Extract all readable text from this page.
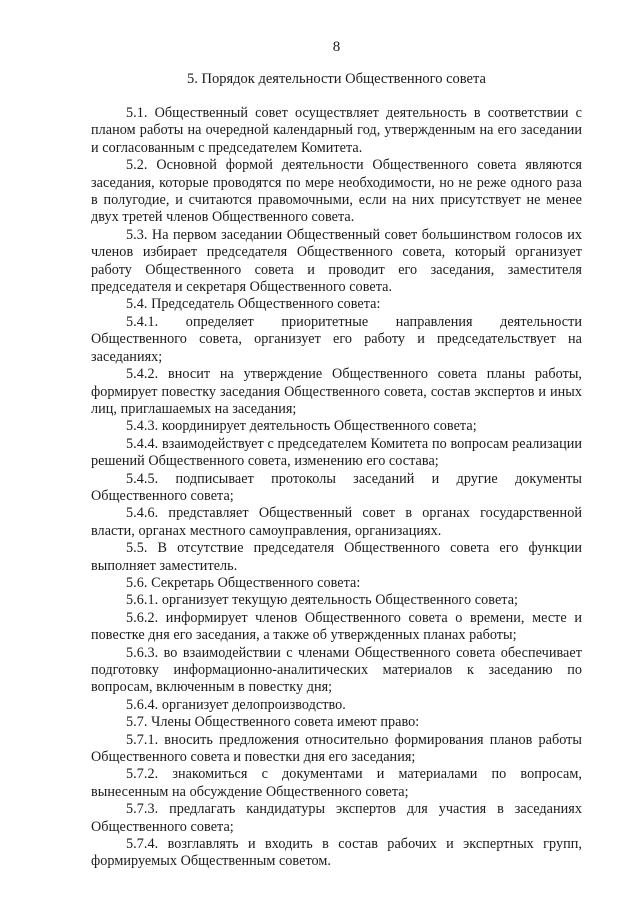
8
5. Порядок деятельности Общественного совета

5.1. Общественный совет осуществляет деятельность в соответствии с планом работы на очередной календарный год, утвержденным на его заседании и согласованным с председателем Комитета.

5.2. Основной формой деятельности Общественного совета являются заседания, которые проводятся по мере необходимости, но не реже одного раза в полугодие, и считаются правомочными, если на них присутствует не менее двух третей членов Общественного совета.

5.3. На первом заседании Общественный совет большинством голосов их членов избирает председателя Общественного совета, который организует работу Общественного совета и проводит его заседания, заместителя председателя и секретаря Общественного совета.

5.4. Председатель Общественного совета:

5.4.1. определяет приоритетные направления деятельности Общественного совета, организует его работу и председательствует на заседаниях;

5.4.2. вносит на утверждение Общественного совета планы работы, формирует повестку заседания Общественного совета, состав экспертов и иных лиц, приглашаемых на заседания;

5.4.3. координирует деятельность Общественного совета;

5.4.4. взаимодействует с председателем Комитета по вопросам реализации решений Общественного совета, изменению его состава;

5.4.5. подписывает протоколы заседаний и другие документы Общественного совета;

5.4.6. представляет Общественный совет в органах государственной власти, органах местного самоуправления, организациях.

5.5. В отсутствие председателя Общественного совета его функции выполняет заместитель.

5.6. Секретарь Общественного совета:

5.6.1. организует текущую деятельность Общественного совета;

5.6.2. информирует членов Общественного совета о времени, месте и повестке дня его заседания, а также об утвержденных планах работы;

5.6.3. во взаимодействии с членами Общественного совета обеспечивает подготовку информационно-аналитических материалов к заседанию по вопросам, включенным в повестку дня;

5.6.4. организует делопроизводство.

5.7. Члены Общественного совета имеют право:

5.7.1. вносить предложения относительно формирования планов работы Общественного совета и повестки дня его заседания;

5.7.2. знакомиться с документами и материалами по вопросам, вынесенным на обсуждение Общественного совета;

5.7.3. предлагать кандидатуры экспертов для участия в заседаниях Общественного совета;

5.7.4. возглавлять и входить в состав рабочих и экспертных групп, формируемых Общественным советом.
